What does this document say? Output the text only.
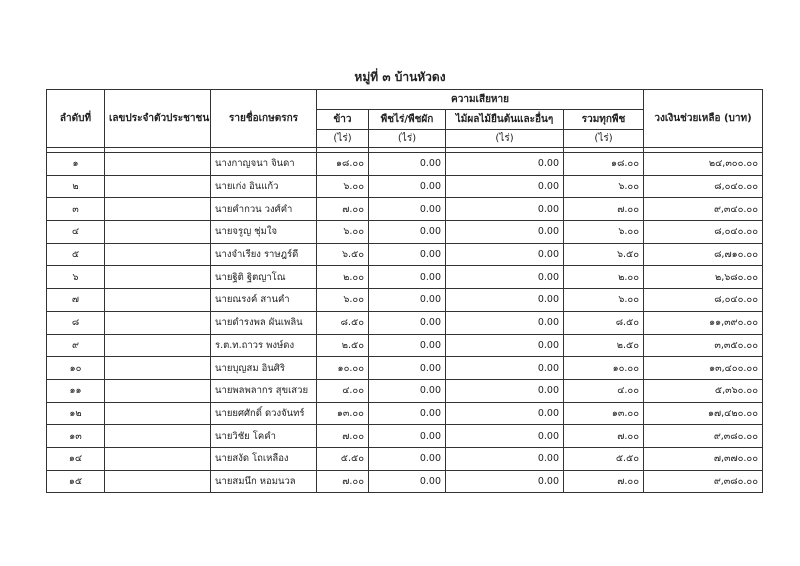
หมู่ที่ ๓ บ้านหัวดง
ลำดับที่	เลขประจำตัวประชาชน	รายชื่อเกษตรกร	ความเสียหาย				วงเงินช่วยเหลือ (บาท)
			ข้าว	พืชไร่/พืชผัก	ไม้ผลไม้ยืนต้นและอื่นๆ	รวมทุกพืช	
			(ไร่)	(ไร่)	(ไร่)	(ไร่)	

๑		นางกาญจนา จินดา	๑๘.๐๐	0.00	0.00	๑๘.๐๐	๒๔,๓๐๐.๐๐
๒		นายเก่ง อินแก้ว	๖.๐๐	0.00	0.00	๖.๐๐	๘,๐๔๐.๐๐
๓		นายคำกวน วงศ์คำ	๗.๐๐	0.00	0.00	๗.๐๐	๙,๓๔๐.๐๐
๔		นายจรูญ ชุ่มใจ	๖.๐๐	0.00	0.00	๖.๐๐	๘,๐๔๐.๐๐
๕		นางจำเรียง ราษฎร์ดี	๖.๕๐	0.00	0.00	๖.๕๐	๘,๗๑๐.๐๐
๖		นายฐิติ ฐิตญาโณ	๒.๐๐	0.00	0.00	๒.๐๐	๒,๖๘๐.๐๐
๗		นายณรงค์ สานคำ	๖.๐๐	0.00	0.00	๖.๐๐	๘,๐๔๐.๐๐
๘		นายดำรงพล ผันเพลิน	๘.๕๐	0.00	0.00	๘.๕๐	๑๑,๓๙๐.๐๐
๙		ร.ต.ท.ถาวร พงษ์ดง	๒.๕๐	0.00	0.00	๒.๕๐	๓,๓๕๐.๐๐
๑๐		นายบุญสม อินศิริ	๑๐.๐๐	0.00	0.00	๑๐.๐๐	๑๓,๔๐๐.๐๐
๑๑		นายพลพลากร สุขเสวย	๔.๐๐	0.00	0.00	๔.๐๐	๕,๓๖๐.๐๐
๑๒		นายยศศักดิ์ ดวงจันทร์	๑๓.๐๐	0.00	0.00	๑๓.๐๐	๑๗,๔๒๐.๐๐
๑๓		นายวิชัย โคคำ	๗.๐๐	0.00	0.00	๗.๐๐	๙,๓๘๐.๐๐
๑๔		นายสงัด โถเหลือง	๕.๕๐	0.00	0.00	๕.๕๐	๗,๓๗๐.๐๐
๑๕		นายสมนึก หอมนวล	๗.๐๐	0.00	0.00	๗.๐๐	๙,๓๘๐.๐๐
